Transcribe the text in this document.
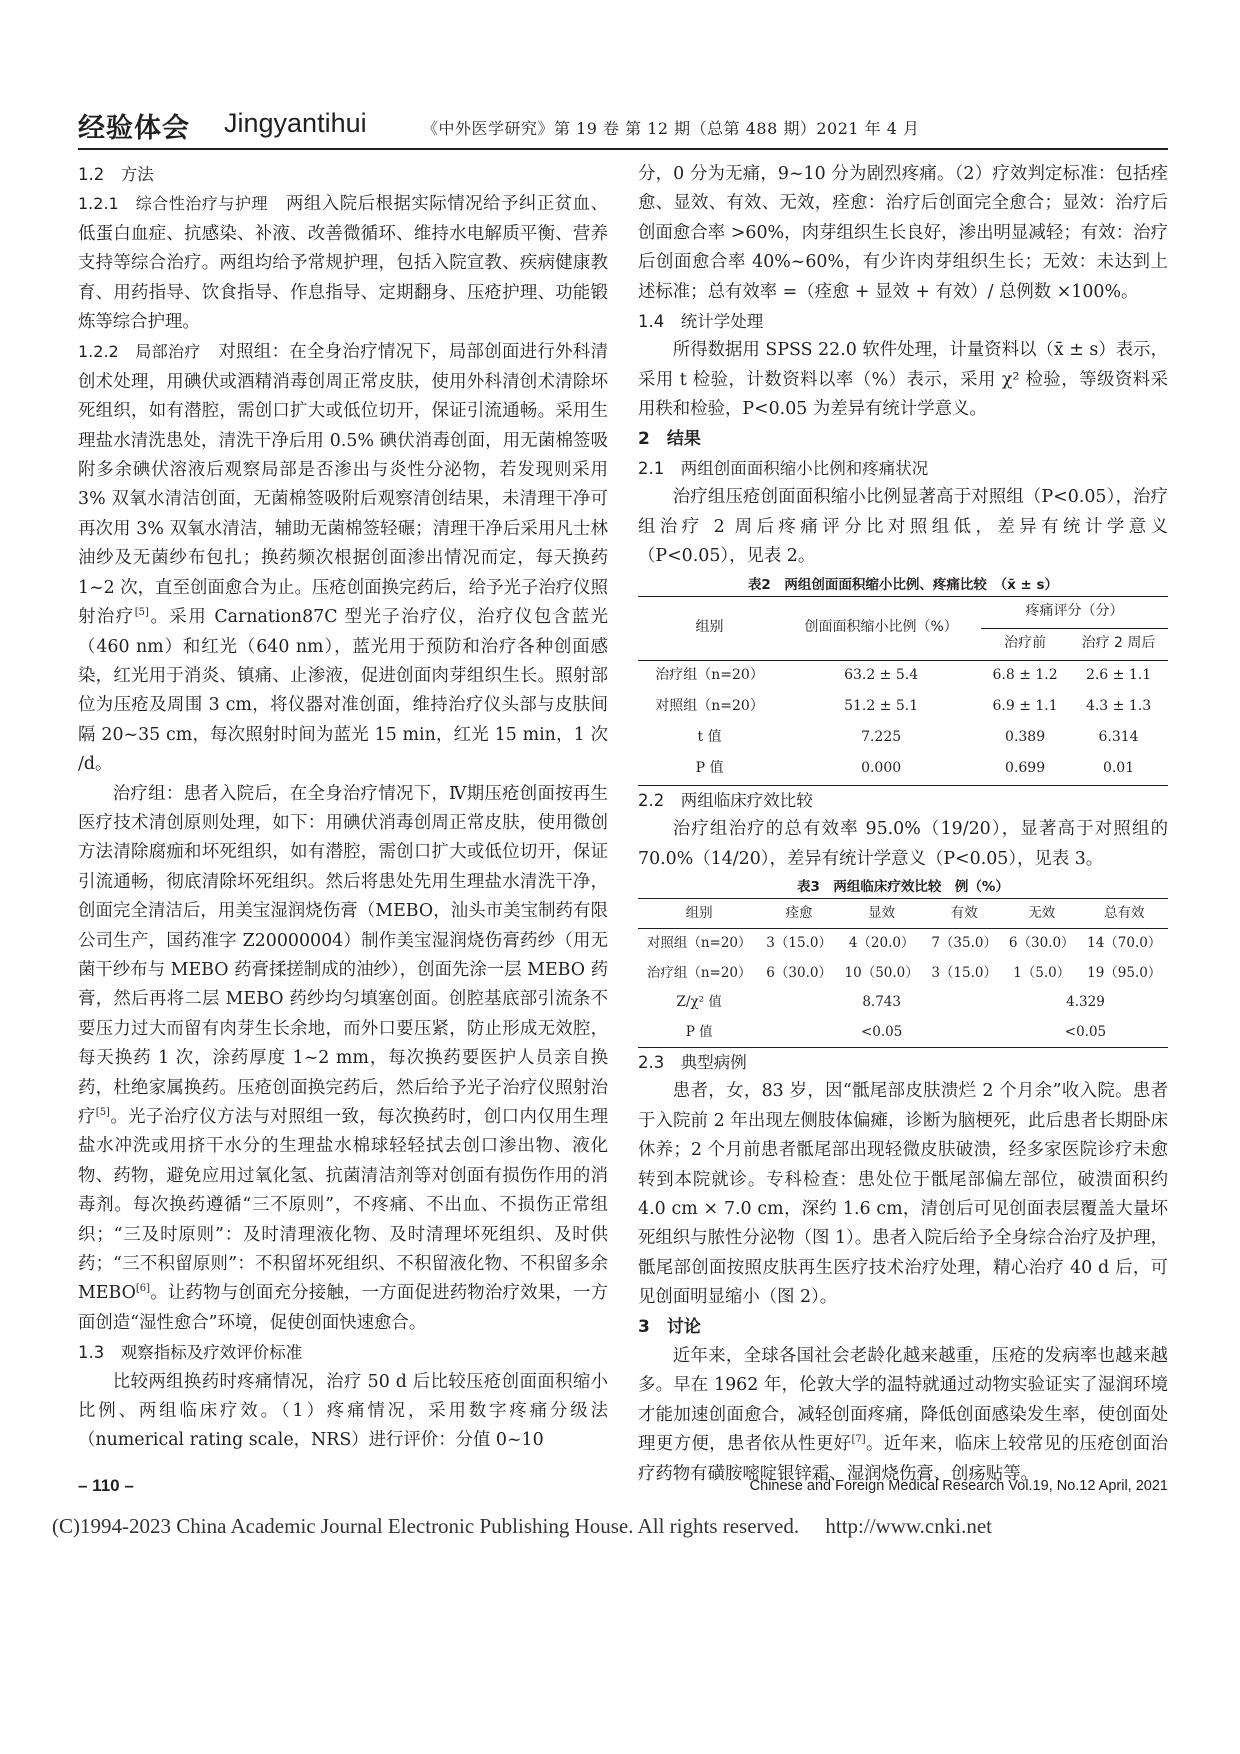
经验体会 Jingyantihui	《中外医学研究》第 19 卷 第 12 期（总第 488 期）2021 年 4 月

1.2　方法

1.2.1　综合性治疗与护理　 两组入院后根据实际情况给予纠正贫血、低蛋白血症、抗感染、补液、改善微循环、维持水电解质平衡、营养支持等综合治疗。两组均给予常规护理，包括入院宣教、疾病健康教育、用药指导、饮食指导、作息指导、定期翻身、压疮护理、功能锻炼等综合护理。

1.2.2　局部治疗　 对照组：在全身治疗情况下，局部创面进行外科清创术处理，用碘伏或酒精消毒创周正常皮肤，使用外科清创术清除坏死组织，如有潜腔，需创口扩大或低位切开，保证引流通畅。采用生理盐水清洗患处，清洗干净后用 0.5% 碘伏消毒创面，用无菌棉签吸附多余碘伏溶液后观察局部是否渗出与炎性分泌物，若发现则采用 3% 双氧水清洁创面，无菌棉签吸附后观察清创结果，未清理干净可再次用 3% 双氧水清洁，辅助无菌棉签轻碾；清理干净后采用凡士林油纱及无菌纱布包扎；换药频次根据创面渗出情况而定，每天换药 1~2 次，直至创面愈合为止。压疮创面换完药后，给予光子治疗仪照射治疗[5]。采用 Carnation87C 型光子治疗仪，治疗仪包含蓝光（460 nm）和红光（640 nm），蓝光用于预防和治疗各种创面感染，红光用于消炎、镇痛、止渗液，促进创面肉芽组织生长。照射部位为压疮及周围 3 cm，将仪器对准创面，维持治疗仪头部与皮肤间隔 20~35 cm，每次照射时间为蓝光 15 min，红光 15 min，1 次 /d。

治疗组：患者入院后，在全身治疗情况下，Ⅳ期压疮创面按再生医疗技术清创原则处理，如下：用碘伏消毒创周正常皮肤，使用微创方法清除腐痂和坏死组织，如有潜腔，需创口扩大或低位切开，保证引流通畅，彻底清除坏死组织。然后将患处先用生理盐水清洗干净，创面完全清洁后，用美宝湿润烧伤膏（MEBO，汕头市美宝制药有限公司生产，国药准字 Z20000004）制作美宝湿润烧伤膏药纱（用无菌干纱布与 MEBO 药膏揉搓制成的油纱），创面先涂一层 MEBO 药膏，然后再将二层 MEBO 药纱均匀填塞创面。创腔基底部引流条不要压力过大而留有肉芽生长余地，而外口要压紧，防止形成无效腔，每天换药 1 次，涂药厚度 1~2 mm，每次换药要医护人员亲自换药，杜绝家属换药。压疮创面换完药后，然后给予光子治疗仪照射治疗[5]。光子治疗仪方法与对照组一致，每次换药时，创口内仅用生理盐水冲洗或用挤干水分的生理盐水棉球轻轻拭去创口渗出物、液化物、药物，避免应用过氧化氢、抗菌清洁剂等对创面有损伤作用的消毒剂。每次换药遵循“三不原则”，不疼痛、不出血、不损伤正常组织；“三及时原则”：及时清理液化物、及时清理坏死组织、及时供药；“三不积留原则”：不积留坏死组织、不积留液化物、不积留多余 MEBO[6]。让药物与创面充分接触，一方面促进药物治疗效果，一方面创造“湿性愈合”环境，促使创面快速愈合。

1.3　观察指标及疗效评价标准

比较两组换药时疼痛情况，治疗 50 d 后比较压疮创面面积缩小比例、两组临床疗效。（1）疼痛情况，采用数字疼痛分级法（numerical rating scale，NRS）进行评价：分值 0~10

分，0 分为无痛，9~10 分为剧烈疼痛。（2）疗效判定标准：包括痊愈、显效、有效、无效，痊愈：治疗后创面完全愈合；显效：治疗后创面愈合率 >60%，肉芽组织生长良好，渗出明显减轻；有效：治疗后创面愈合率 40%~60%，有少许肉芽组织生长；无效：未达到上述标准；总有效率 =（痊愈 + 显效 + 有效）/ 总例数 ×100%。

1.4　统计学处理

所得数据用 SPSS 22.0 软件处理，计量资料以（x̄ ± s）表示，采用 t 检验，计数资料以率（%）表示，采用 χ² 检验，等级资料采用秩和检验，P<0.05 为差异有统计学意义。

2　结果

2.1　两组创面面积缩小比例和疼痛状况

治疗组压疮创面面积缩小比例显著高于对照组（P<0.05），治疗组治疗 2 周后疼痛评分比对照组低，差异有统计学意义（P<0.05），见表 2。

表2　两组创面面积缩小比例、疼痛比较　（x̄ ± s）
组别	创面面积缩小比例（%）	疼痛评分（分）	
		治疗前	治疗 2 周后
治疗组（n=20）	63.2 ± 5.4	6.8 ± 1.2	2.6 ± 1.1
对照组（n=20）	51.2 ± 5.1	6.9 ± 1.1	4.3 ± 1.3
t 值	7.225	0.389	6.314
P 值	0.000	0.699	0.01

2.2　两组临床疗效比较

治疗组治疗的总有效率 95.0%（19/20），显著高于对照组的 70.0%（14/20），差异有统计学意义（P<0.05），见表 3。

表3　两组临床疗效比较　例（%）
组别	痊愈	显效	有效	无效	总有效
对照组（n=20）	3（15.0）	4（20.0）	7（35.0）	6（30.0）	14（70.0）
治疗组（n=20）	6（30.0）	10（50.0）	3（15.0）	1（5.0）	19（95.0）
Z/χ² 值	8.743			4.329	
P 值	<0.05			<0.05	

2.3　典型病例

患者，女，83 岁，因“骶尾部皮肤溃烂 2 个月余”收入院。患者于入院前 2 年出现左侧肢体偏瘫，诊断为脑梗死，此后患者长期卧床休养；2 个月前患者骶尾部出现轻微皮肤破溃，经多家医院诊疗未愈转到本院就诊。专科检查：患处位于骶尾部偏左部位，破溃面积约 4.0 cm × 7.0 cm，深约 1.6 cm，清创后可见创面表层覆盖大量坏死组织与脓性分泌物（图 1）。患者入院后给予全身综合治疗及护理，骶尾部创面按照皮肤再生医疗技术治疗处理，精心治疗 40 d 后，可见创面明显缩小（图 2）。

3　讨论

近年来，全球各国社会老龄化越来越重，压疮的发病率也越来越多。早在 1962 年，伦敦大学的温特就通过动物实验证实了湿润环境才能加速创面愈合，减轻创面疼痛，降低创面感染发生率，使创面处理更方便，患者依从性更好[7]。近年来，临床上较常见的压疮创面治疗药物有磺胺嘧啶银锌霜、湿润烧伤膏、创疡贴等。

– 110 –	Chinese and Foreign Medical Research Vol.19, No.12 April, 2021
(C)1994-2023 China Academic Journal Electronic Publishing House. All rights reserved.　 http://www.cnki.net
